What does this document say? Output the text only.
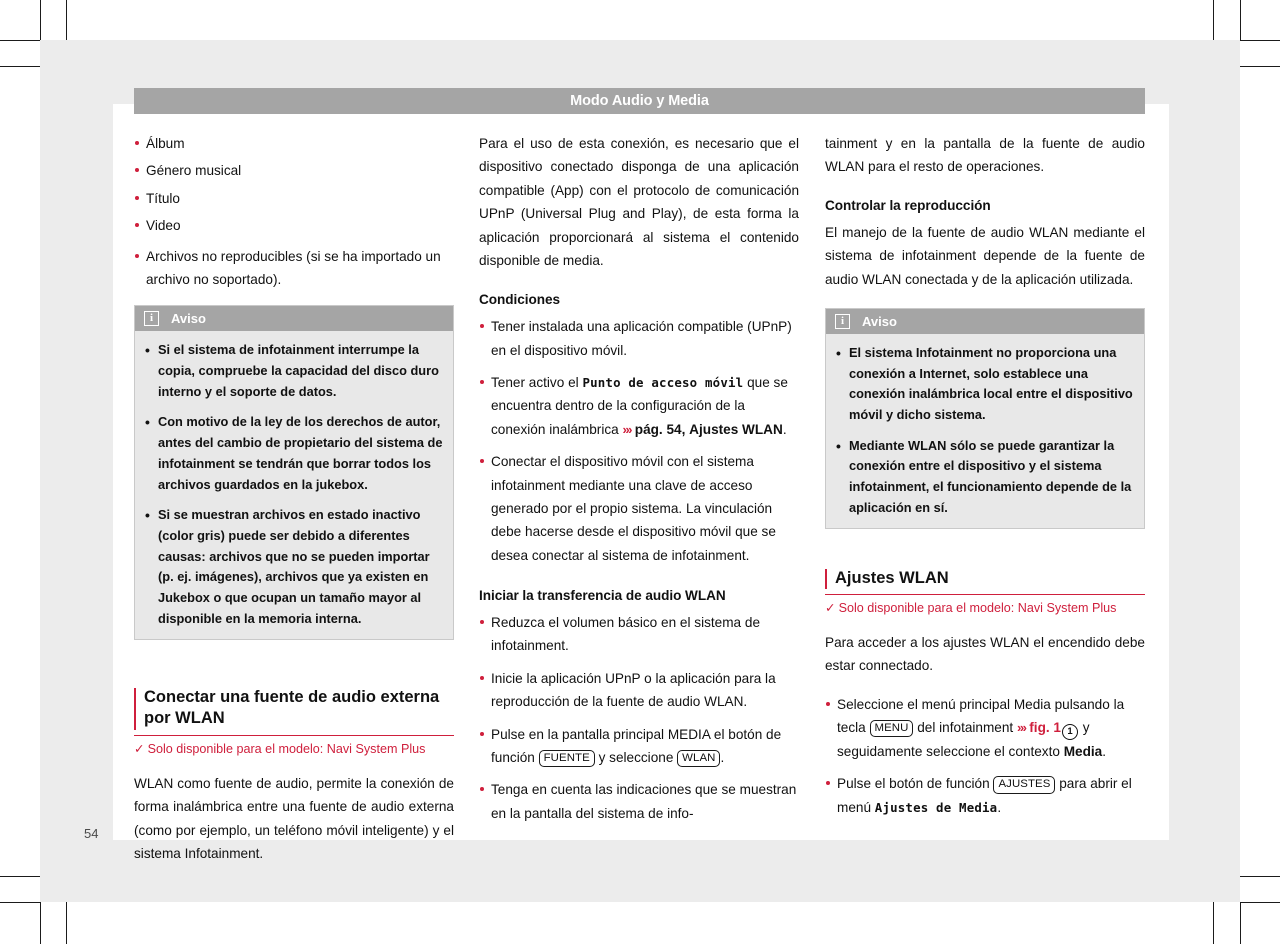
Modo Audio y Media
54
Álbum
Género musical
Título
Video
Archivos no reproducibles (si se ha importado un archivo no soportado).
i	Aviso
• Si el sistema de infotainment interrumpe la copia, compruebe la capacidad del disco duro interno y el soporte de datos.
• Con motivo de la ley de los derechos de autor, antes del cambio de propietario del sistema de infotainment se tendrán que borrar todos los archivos guardados en la jukebox.
• Si se muestran archivos en estado inactivo (color gris) puede ser debido a diferentes causas: archivos que no se pueden importar (p. ej. imágenes), archivos que ya existen en Jukebox o que ocupan un tamaño mayor al disponible en la memoria interna.
Conectar una fuente de audio externa por WLAN
✓ Solo disponible para el modelo: Navi System Plus

WLAN como fuente de audio, permite la conexión de forma inalámbrica entre una fuente de audio externa (como por ejemplo, un teléfono móvil inteligente) y el sistema Infotainment.

Para el uso de esta conexión, es necesario que el dispositivo conectado disponga de una aplicación compatible (App) con el protocolo de comunicación UPnP (Universal Plug and Play), de esta forma la aplicación proporcionará al sistema el contenido disponible de media.

Condiciones
Tener instalada una aplicación compatible (UPnP) en el dispositivo móvil.
Tener activo el Punto de acceso móvil que se encuentra dentro de la configuración de la conexión inalámbrica ››› pág. 54, Ajustes WLAN.
Conectar el dispositivo móvil con el sistema infotainment mediante una clave de acceso generado por el propio sistema. La vinculación debe hacerse desde el dispositivo móvil que se desea conectar al sistema de infotainment.
Iniciar la transferencia de audio WLAN
Reduzca el volumen básico en el sistema de infotainment.
Inicie la aplicación UPnP o la aplicación para la reproducción de la fuente de audio WLAN.
Pulse en la pantalla principal MEDIA el botón de función FUENTE y seleccione WLAN .
Tenga en cuenta las indicaciones que se muestran en la pantalla del sistema de info-

tainment y en la pantalla de la fuente de audio WLAN para el resto de operaciones.

Controlar la reproducción

El manejo de la fuente de audio WLAN mediante el sistema de infotainment depende de la fuente de audio WLAN conectada y de la aplicación utilizada.

i	Aviso
• El sistema Infotainment no proporciona una conexión a Internet, solo establece una conexión inalámbrica local entre el dispositivo móvil y dicho sistema.
• Mediante WLAN sólo se puede garantizar la conexión entre el dispositivo y el sistema infotainment, el funcionamiento depende de la aplicación en sí.
Ajustes WLAN
✓ Solo disponible para el modelo: Navi System Plus

Para acceder a los ajustes WLAN el encendido debe estar connectado.

Seleccione el menú principal Media pulsando la tecla MENU del infotainment ››› fig. 1 1 y seguidamente seleccione el contexto Media.
Pulse el botón de función AJUSTES para abrir el menú Ajustes de Media.
